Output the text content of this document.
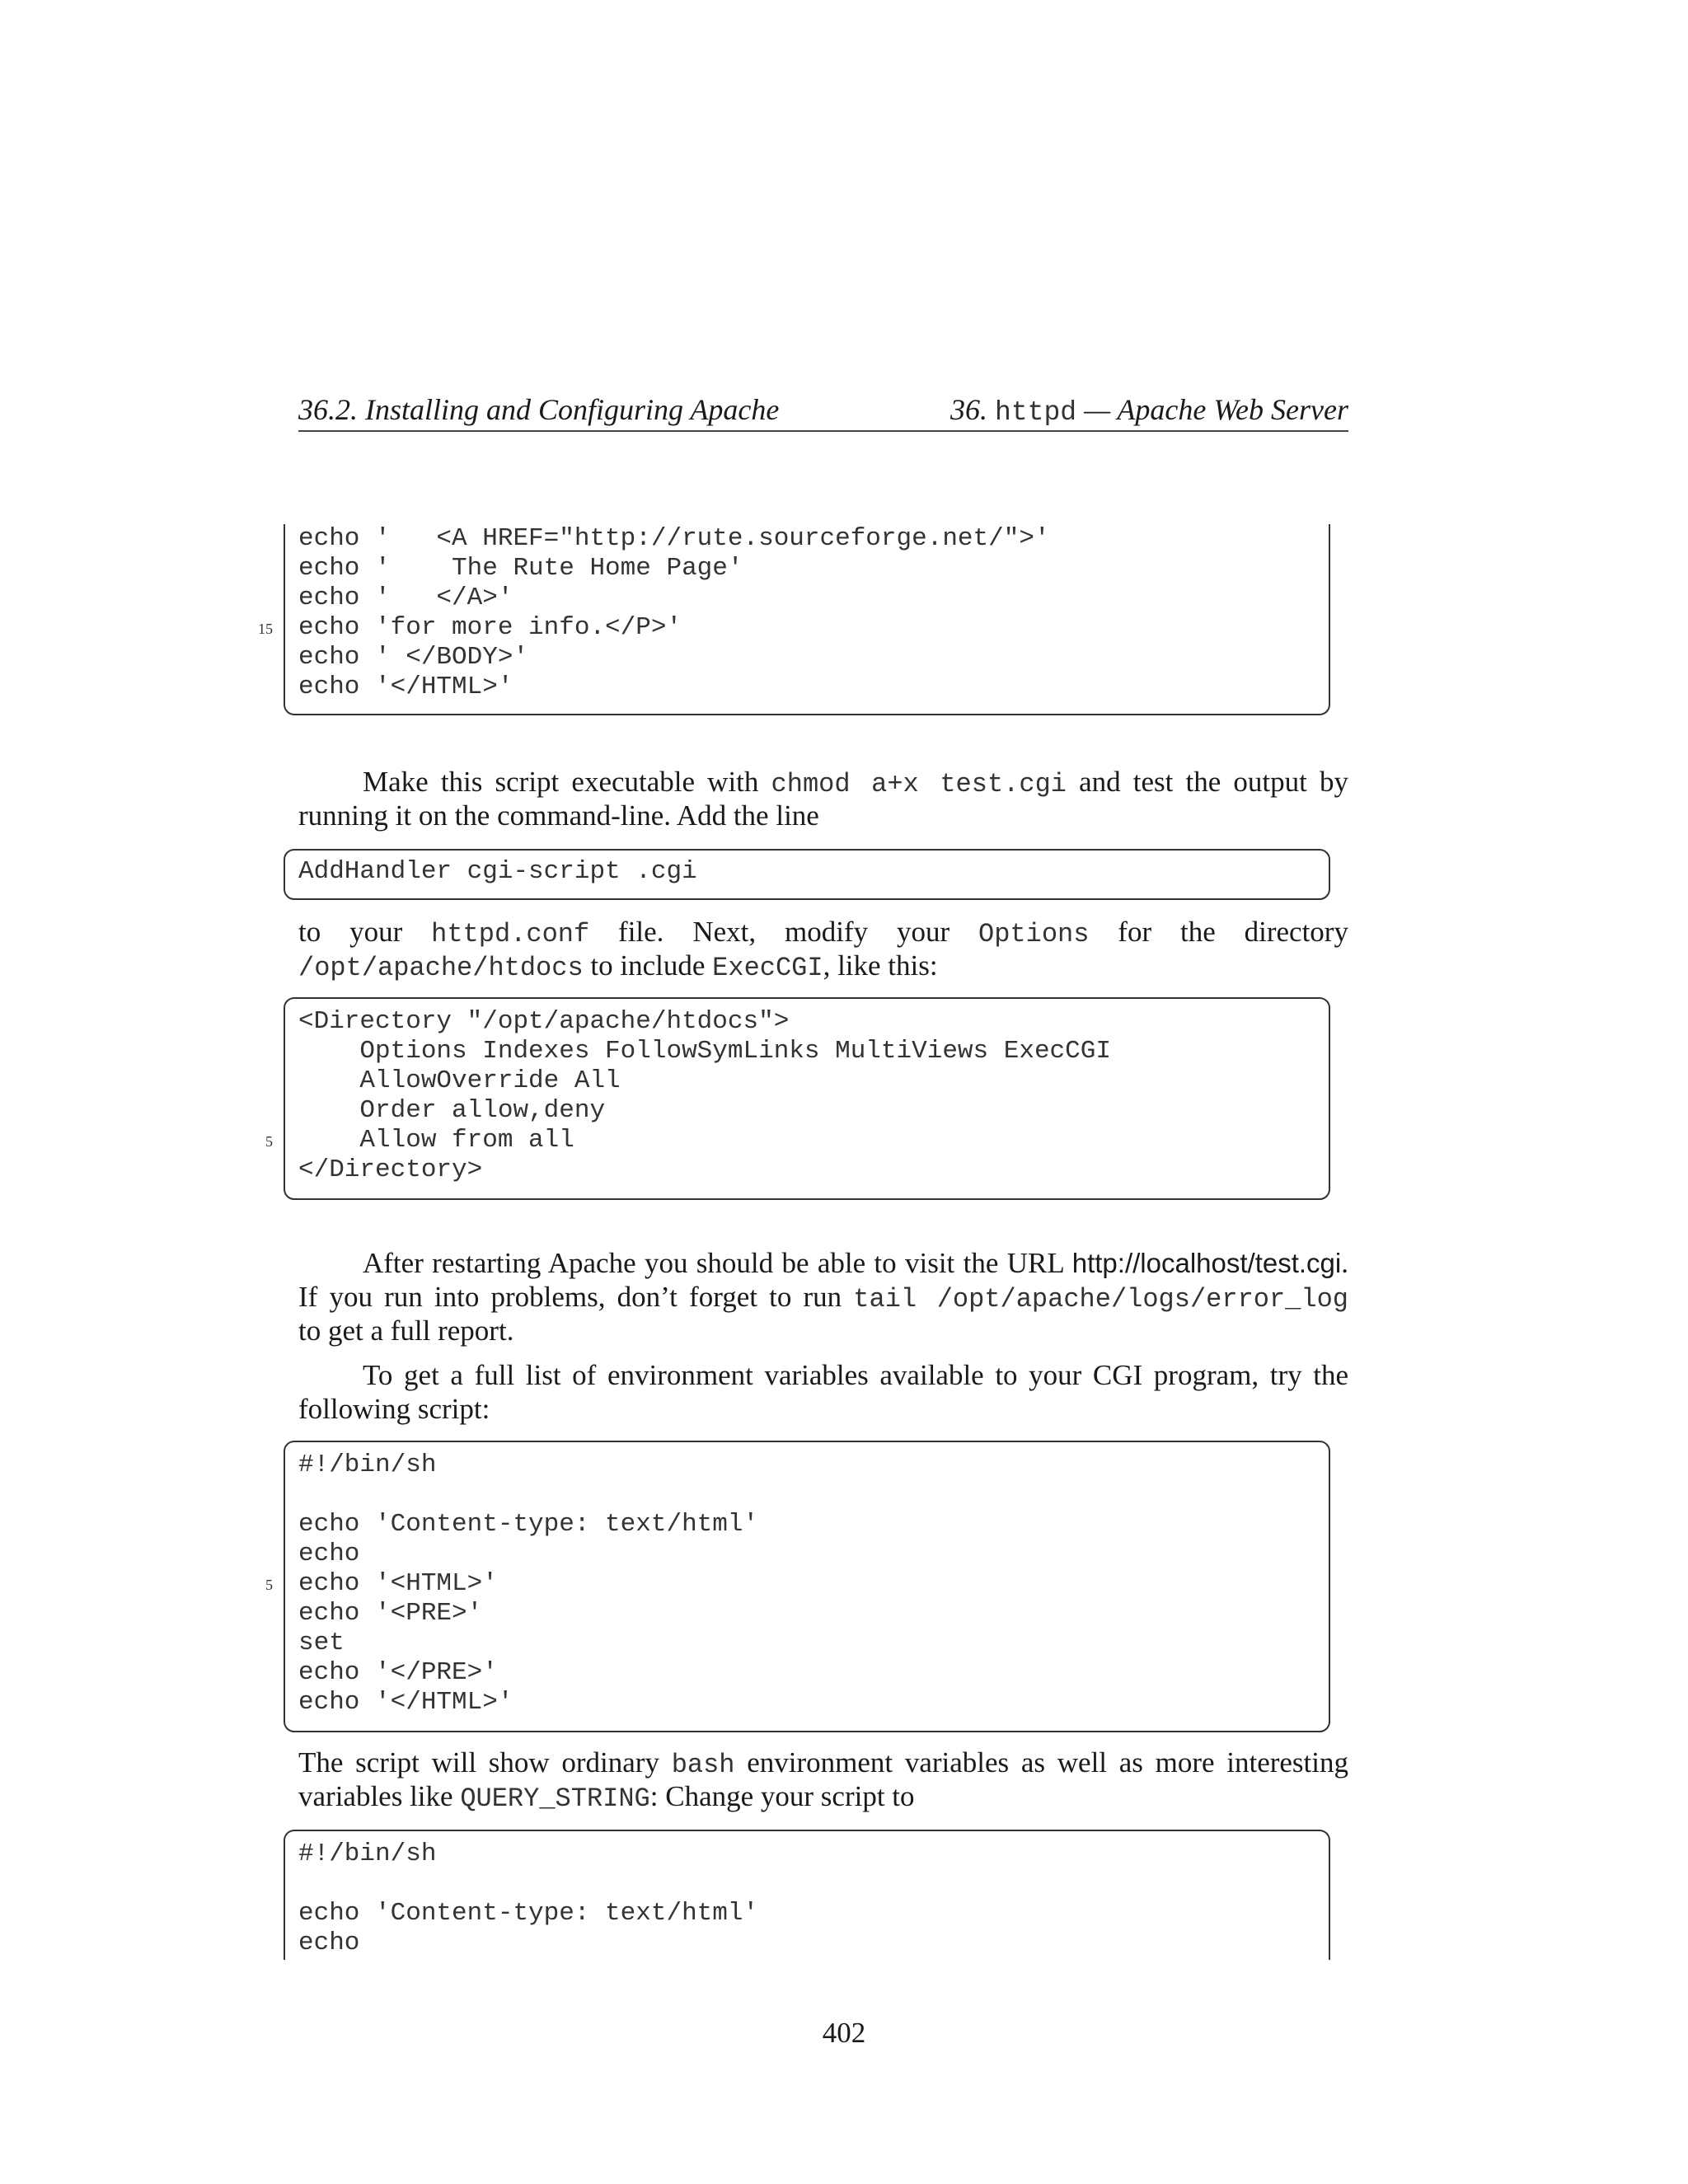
36.2. Installing and Configuring Apache	36. httpd — Apache Web Server
echo '   <A HREF="http://rute.sourceforge.net/">'
echo '    The Rute Home Page'
echo '   </A>'
15 echo 'for more info.</P>'
echo ' </BODY>'
echo '</HTML>'
Make this script executable with chmod a+x test.cgi and test the output by
running it on the command-line. Add the line
AddHandler cgi-script .cgi
to your httpd.conf file. Next, modify your Options for the directory
/opt/apache/htdocs to include ExecCGI, like this:
<Directory "/opt/apache/htdocs">
Options Indexes FollowSymLinks MultiViews ExecCGI
AllowOverride All
Order allow,deny
5 Allow from all
</Directory>
After restarting Apache you should be able to visit the URL http://localhost/test.cgi.
If you run into problems, don’t forget to run tail /opt/apache/logs/error_log
to get a full report.
To get a full list of environment variables available to your CGI program, try the
following script:
#!/bin/sh
echo 'Content-type: text/html'
echo
5 echo '<HTML>'
echo '<PRE>'
set
echo '</PRE>'
echo '</HTML>'
The script will show ordinary bash environment variables as well as more interesting
variables like QUERY_STRING: Change your script to
#!/bin/sh
echo 'Content-type: text/html'
echo
402
